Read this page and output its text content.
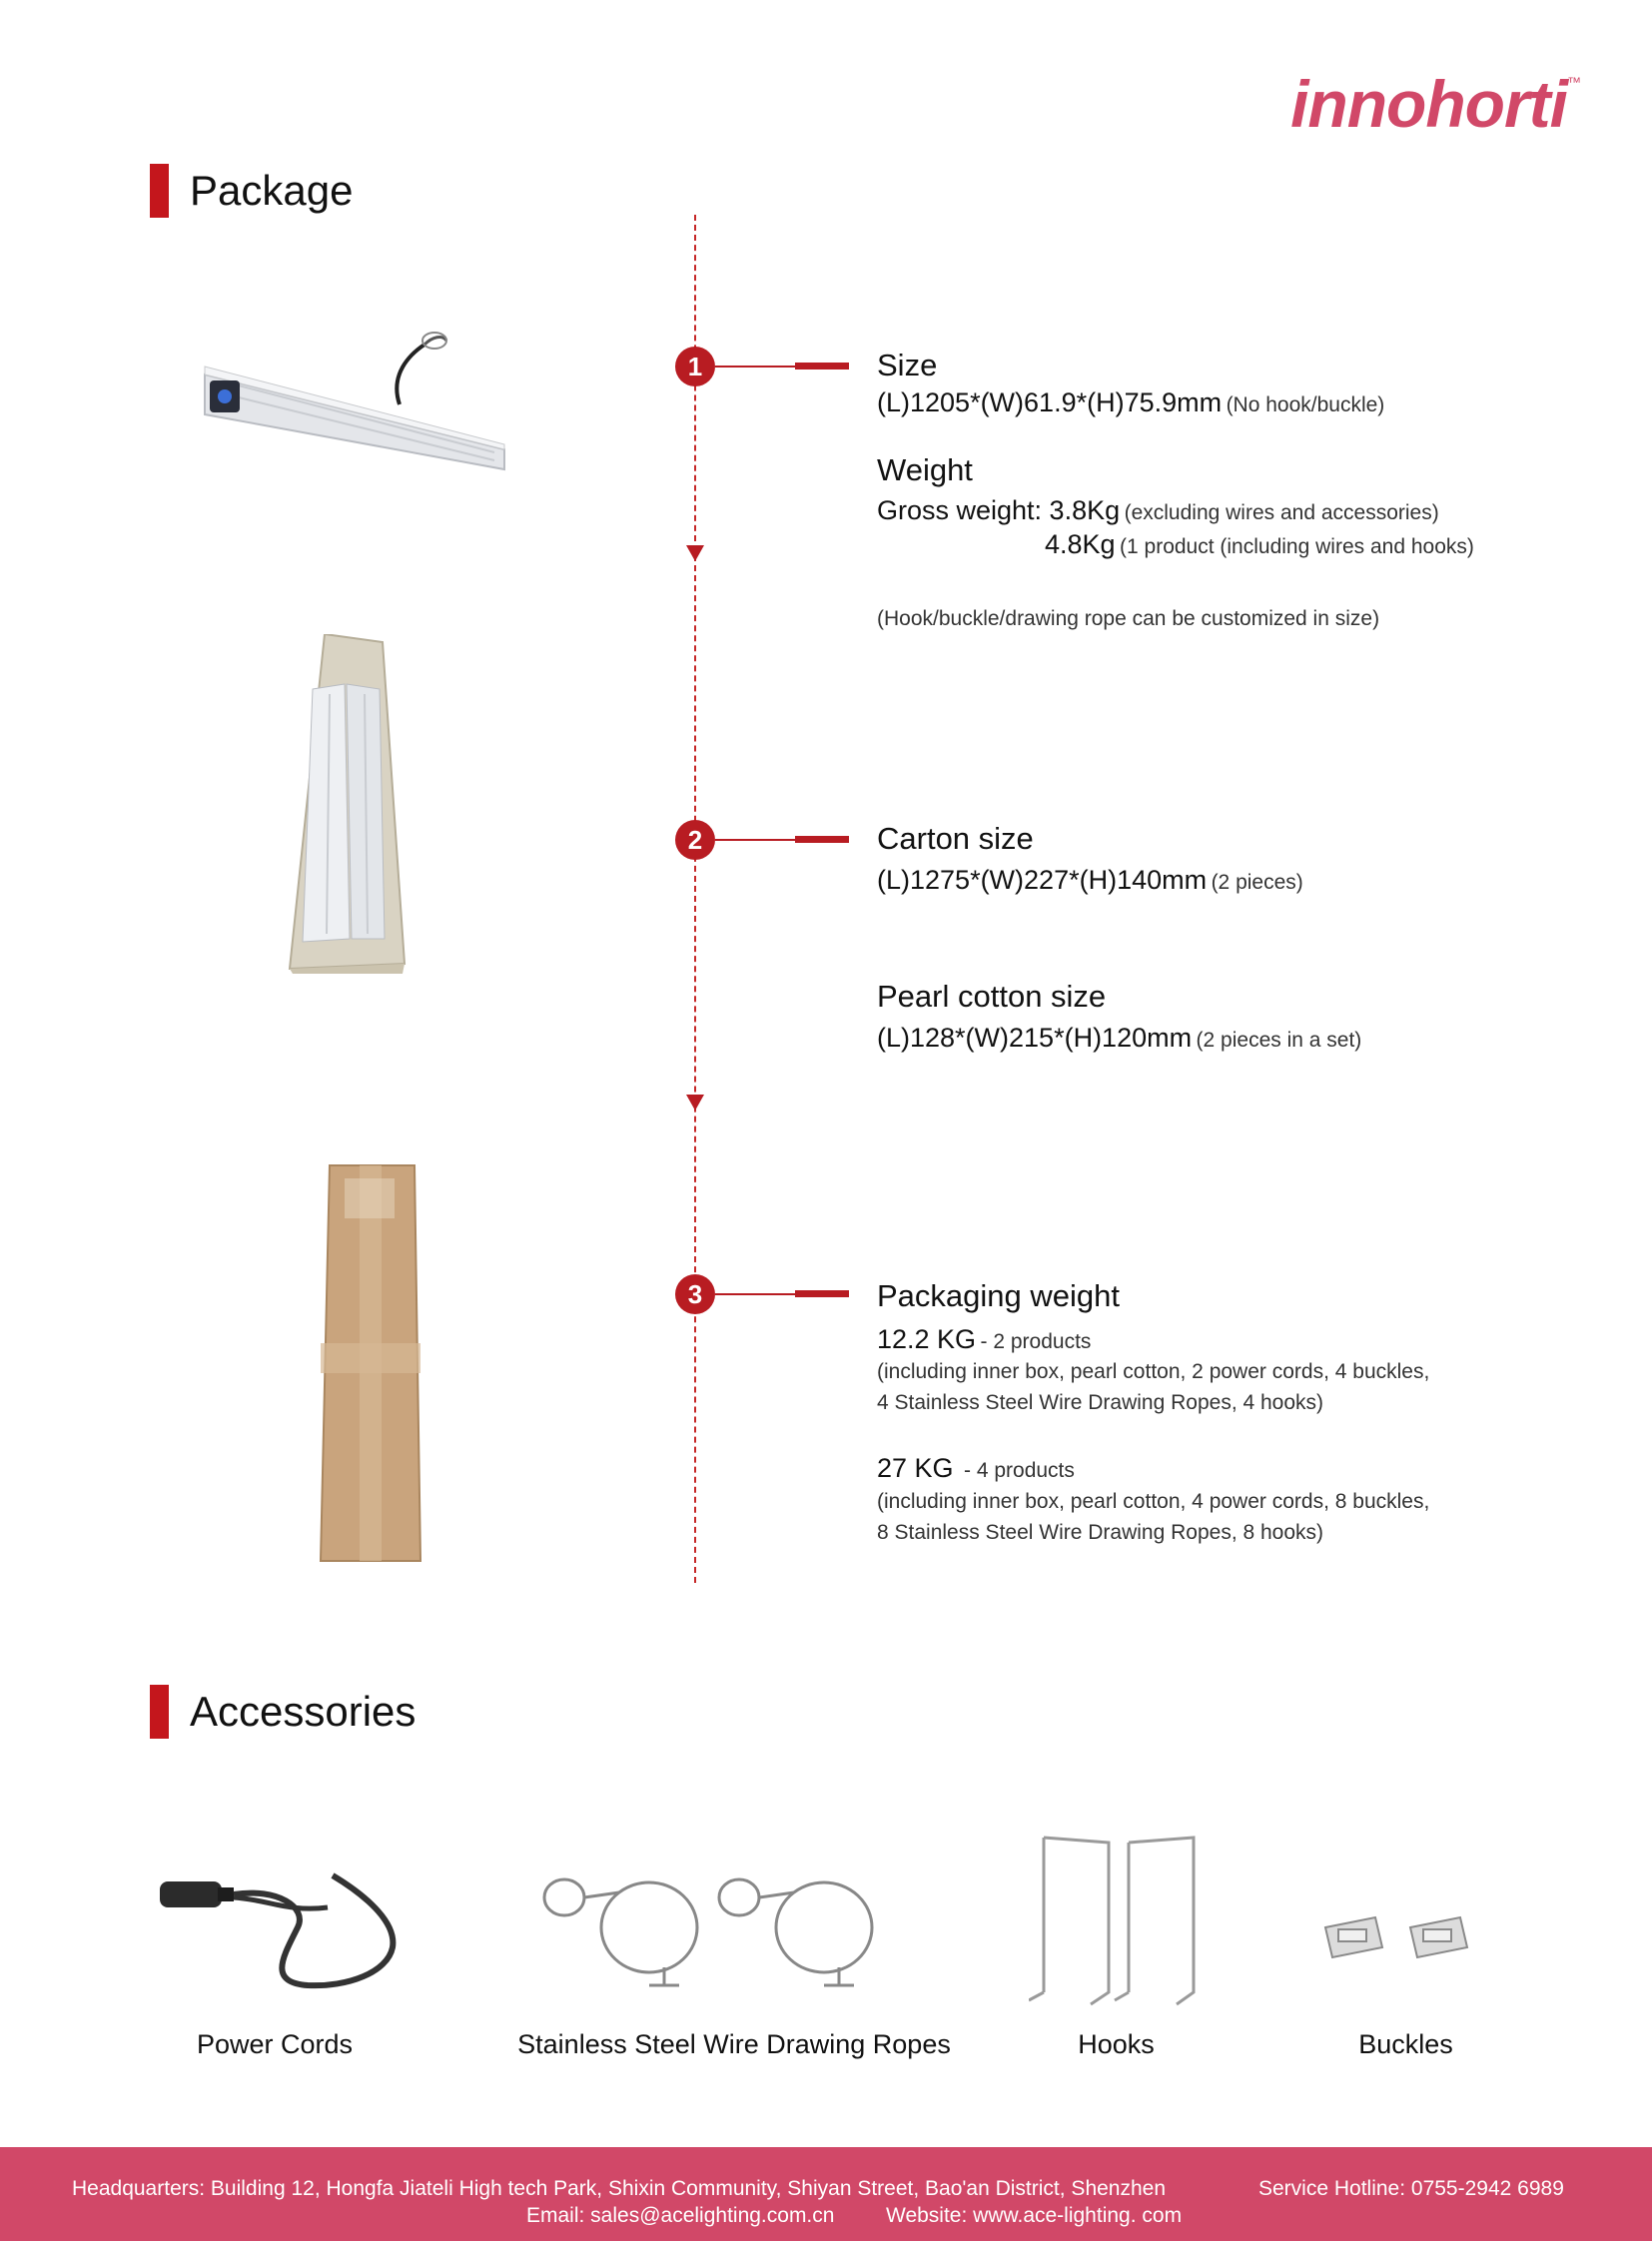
innohorti™
Package
1
2
3
Size
(L)1205*(W)61.9*(H)75.9mm (No hook/buckle)
Weight
Gross weight: 3.8Kg (excluding wires and accessories)
4.8Kg (1 product (including wires and hooks)
(Hook/buckle/drawing rope can be customized in size)
Carton size
(L)1275*(W)227*(H)140mm (2 pieces)
Pearl cotton size
(L)128*(W)215*(H)120mm (2 pieces in a set)
Packaging weight
12.2 KG - 2 products
(including inner box, pearl cotton, 2 power cords, 4 buckles,
4 Stainless Steel Wire Drawing Ropes, 4 hooks)
27 KG - 4 products
(including inner box, pearl cotton, 4 power cords, 8 buckles,
8 Stainless Steel Wire Drawing Ropes, 8 hooks)
Accessories
Power Cords	Stainless Steel Wire Drawing Ropes	Hooks	Buckles
Headquarters: Building 12, Hongfa Jiateli High tech Park, Shixin Community, Shiyan Street, Bao'an District, Shenzhen	Service Hotline: 0755-2942 6989
Email: sales@acelighting.com.cn Website: www.ace-lighting. com
